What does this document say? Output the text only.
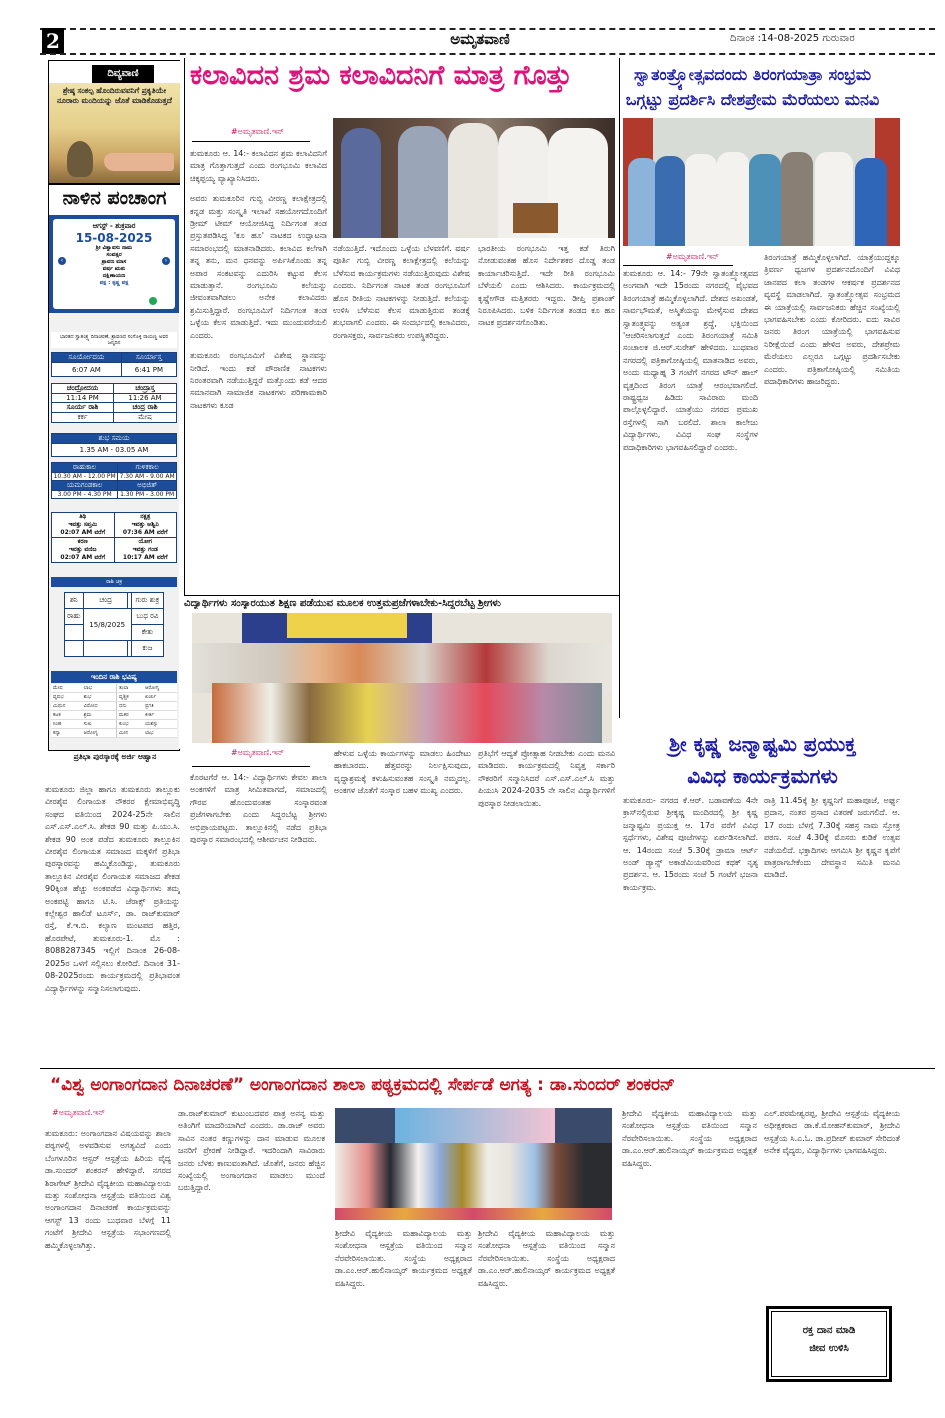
2	ಅಮೃತವಾಣಿ	ದಿನಾಂಕ :14-08-2025 ಗುರುವಾರ
ದಿವ್ಯವಾಣಿ
ಶ್ರೇಷ್ಠ ಸಂಕಲ್ಪ ಹೊಂದಿರುವವನಿಗೆ ಪ್ರಕೃತಿಯೇ ನೂರಾರು ಮಂದಿಯನ್ನು ಜೊತೆ ಮಾಡಿಕೊಡುತ್ತದೆ
ನಾಳಿನ ಪಂಚಾಂಗ
ಆಗಸ್ಟ್ - ಶುಕ್ರವಾರ
15-08-2025
ಶ್ರೀ ವಿಶ್ವಾವಸು ನಾಮ
ಸಂವತ್ಸರ
ಶ್ರಾವಣ ಮಾಸ
ವರ್ಷ ಋತು
ದಕ್ಷಿಣಾಯಣ
ಪಕ್ಷ : ಕೃಷ್ಣ ಪಕ್ಷ
‹	›
ಭಾರತದ ಸ್ವಾತಂತ್ರ್ಯ ದಿನಾಚರಣೆ, ಶ್ರಾವಣದ ಸಂಗೊಳ್ಳಿ ರಾಯಣ್ಣ ಅವರ ಜನ್ಮದಿನ
ಸೂರ್ಯೋದಯ	ಸೂರ್ಯಾಸ್ತ
6:07 AM	6:41 PM
ಚಂದ್ರೋದಯ	ಚಂದ್ರಾಸ್ತ
11:14 PM	11:26 AM
ಸೂರ್ಯ ರಾಶಿ	ಚಂದ್ರ ರಾಶಿ
ಕರ್ಕ	ಮೇಷ
ಶುಭ ಸಮಯ
1.35 AM - 03.05 AM
ರಾಹುಕಾಲ	ಗುಳಿಕಕಾಲ
10.30 AM - 12.00 PM	7.30 AM - 9.00 AM
ಯಮಗಂಡಕಾಲ	ಅಭಿಜಿತ್
3.00 PM - 4.30 PM	1.30 PM - 3.00 PM
ತಿಥಿ
ಇವತ್ತು ಸಪ್ತಮಿ
02:07 AM ವರೆಗೆ	ನಕ್ಷತ್ರ
ಇವತ್ತು ಅಶ್ವಿನಿ
07:36 AM ವರೆಗೆ
ಕರಣ
ಇವತ್ತು ವಣಿಜ
02:07 AM ವರೆಗೆ	ಯೋಗ
ಇವತ್ತು ಗಂಡ
10:17 AM ವರೆಗೆ
ರಾಶಿ ಚಕ್ರ
ಶನಿ	ಚಂದ್ರ		ಗುರು ಶುಕ್ರ
ರಾಹು	15/8/2025		ಬುಧ ರವಿ
			ಕೇತು
			ಕುಜ
ಇಂದಿನ ರಾಶಿ ಭವಿಷ್ಯ
ಮೇಷ	ಲಾಭ	ತುಲಾ	ಆರೋಗ್ಯ
ವೃಷಭ	ಶುಭ	ವೃಶ್ಚಿಕ	ಖರ್ಚು
ಮಿಥುನ	ವಿರೋಧ	ಧನು	ಪ್ರಗತಿ
ಕಟಕ	ಶ್ರಮ	ಮಕರ	ಕೀರ್ತಿ
ಸಿಂಹ	ಸುಖ	ಕುಂಭ	ಯಶಸ್ಸು
ಕನ್ಯಾ	ಆರೋಗ್ಯ	ಮೀನ	ಲಾಭ
ಪ್ರತಿಭಾ ಪುರಸ್ಕಾರಕ್ಕೆ ಅರ್ಜಿ ಆಹ್ವಾನ
ತುಮಕೂರು ಜಿಲ್ಲಾ ಹಾಗೂ ತುಮಕೂರು ತಾಲ್ಲೂಕು ವೀರಶೈವ ಲಿಂಗಾಯತ ನೌಕರರ ಕ್ಷೇಮಾಭಿವೃದ್ಧಿ ಸಂಘದ ವತಿಯಿಂದ 2024-25ನೇ ಸಾಲಿನ ಎಸ್.ಎಸ್.ಎಲ್.ಸಿ. ಶೇಕಡ 90 ಮತ್ತು ಪಿ.ಯು.ಸಿ. ಶೇಕಡ 90 ಅಂಕ ಪಡೆದ ತುಮಕೂರು ತಾಲ್ಲೂಕಿನ ವೀರಶೈವ ಲಿಂಗಾಯತ ಸಮಾಜದ ಮಕ್ಕಳಿಗೆ ಪ್ರತಿಭಾ ಪುರಸ್ಕಾರವನ್ನು ಹಮ್ಮಿಕೊಂಡಿದ್ದು, ತುಮಕೂರು ತಾಲ್ಲೂಕಿನ ವೀರಶೈವ ಲಿಂಗಾಯತ ಸಮಾಜದ ಶೇಕಡ 90ಕ್ಕಿಂತ ಹೆಚ್ಚು ಅಂಕಪಡೆದ ವಿದ್ಯಾರ್ಥಿಗಳು ತಮ್ಮ ಅಂಕಪಟ್ಟಿ ಹಾಗೂ ಟಿ.ಸಿ. ಜೆರಾಕ್ಸ್ ಪ್ರತಿಯನ್ನು ಕಲ್ಲೇಶ್ವರ ಹಾಲಿಡೆ ಟೂರ್ಸ್, ಡಾ. ರಾಜ್‌ಕುಮಾರ್ ರಸ್ತೆ, ಕೆ.ಇ.ಬಿ. ಕಲ್ಯಾಣ ಮಂಟಪದ ಹತ್ತಿರ, ಹೊರಪೇಟೆ, ತುಮಕೂರು-1. ಮೊ : 8088287345 ಇಲ್ಲಿಗೆ ದಿನಾಂಕ 26-08-2025ರ ಒಳಗೆ ಸಲ್ಲಿಸಲು ಕೋರಿದೆ. ದಿನಾಂಕ 31-08-2025ರಂದು ಕಾರ್ಯಕ್ರಮದಲ್ಲಿ ಪ್ರತಿಭಾವಂತ ವಿದ್ಯಾರ್ಥಿಗಳನ್ನು ಸನ್ಮಾನಿಸಲಾಗುವುದು.
ಕಲಾವಿದನ ಶ್ರಮ ಕಲಾವಿದನಿಗೆ ಮಾತ್ರ ಗೊತ್ತು
#ಅಮೃತವಾಣಿ.ಇನ್

ತುಮಕೂರು ಆ. 14:- ಕಲಾವಿದನ ಶ್ರಮ ಕಲಾವಿದನಿಗೆ ಮಾತ್ರ ಗೊತ್ತಾಗುತ್ತದೆ ಎಂದು ರಂಗಭೂಮಿ ಕಲಾವಿದ ಚಿಕ್ಕಪ್ಪಯ್ಯ ವ್ಯಾಖ್ಯಾನಿಸಿದರು.

ಅವರು ತುಮಕೂರಿನ ಗುಬ್ಬಿ ವೀರಣ್ಣ ಕಲಾಕ್ಷೇತ್ರದಲ್ಲಿ ಕನ್ನಡ ಮತ್ತು ಸಂಸ್ಕೃತಿ ಇಲಾಖೆ ಸಹಯೋಗದೊಂದಿಗೆ ಡ್ರೀಮ್ ಟೀಮ್ ಆಯೋಜಿಸಿದ್ದ ನಿರ್ದಿಗಂತ ತಂಡ ಪ್ರಸ್ತುತಪಡಿಸಿದ್ದ 'ಕೂ ಹೂ' ನಾಟಕದ ಉದ್ಘಾಟನಾ ಸಮಾರಂಭದಲ್ಲಿ ಮಾತನಾಡಿದರು. ಕಲಾವಿದ ಕಲೆಗಾಗಿ ತನ್ನ ತನು, ಮನ ಧನವನ್ನು ಅರ್ಪಿಸಿಕೊಂಡು ತನ್ನ ಅಪಾರ ಸಂಕಟವನ್ನು ಎದುರಿಸಿ ಕಟ್ಟುವ ಕೆಲಸ ಮಾಡುತ್ತಾನೆ. ರಂಗಭೂಮಿ ಕಲೆಯನ್ನು ಜೀವಂತವಾಗಿಡಲು ಅನೇಕ ಕಲಾವಿದರು ಶ್ರಮಿಸುತ್ತಿದ್ದಾರೆ. ರಂಗಭೂಮಿಗೆ ನಿರ್ದಿಗಂತ ತಂಡ ಒಳ್ಳೆಯ ಕೆಲಸ ಮಾಡುತ್ತಿದೆ. ಇದು ಮುಂದುವರೆಯಲಿ ಎಂದರು.

ತುಮಕೂರು ರಂಗಭೂಮಿಗೆ ವಿಶೇಷ ಸ್ಥಾನವನ್ನು ನೀಡಿದೆ. ಇಂದು ಕಡೆ ಪೌರಾಣಿಕ ನಾಟಕಗಳು ನಿರಂತರವಾಗಿ ನಡೆಯುತ್ತಿದ್ದರೆ ಮತ್ತೊಂದು ಕಡೆ ಆದರ ಸಮಾನವಾಗಿ ಸಾಮಾಜಿಕ ನಾಟಕಗಳು ಪರಿಣಾಮಕಾರಿ ನಾಟಕಗಳು ಕೂಡ

ನಡೆಯುತ್ತಿದೆ. ಇದೊಂದು ಒಳ್ಳೆಯ ಬೆಳವಣಿಗೆ. ವರ್ಷ ಪೂರ್ತಿ ಗುಬ್ಬಿ ವೀರಣ್ಣ ಕಲಾಕ್ಷೇತ್ರದಲ್ಲಿ ಕಲೆಯನ್ನು ಬೆಳೆಸುವ ಕಾರ್ಯಕ್ರಮಗಳು ನಡೆಯುತ್ತಿರುವುದು ವಿಶೇಷ ಎಂದರು. ನಿರ್ದಿಗಂತ ನಾಟಕ ತಂಡ ರಂಗಭೂಮಿಗೆ ಹೊಸ ರೀತಿಯ ನಾಟಕಗಳನ್ನು ನೀಡುತ್ತಿದೆ. ಕಲೆಯನ್ನು ಉಳಿಸಿ ಬೆಳೆಸುವ ಕೆಲಸ ಮಾಡುತ್ತಿರುವ ತಂಡಕ್ಕೆ ಶುಭವಾಗಲಿ ಎಂದರು. ಈ ಸಂದರ್ಭದಲ್ಲಿ ಕಲಾವಿದರು, ರಂಗಾಸಕ್ತರು, ಸಾರ್ವಜನಿಕರು ಉಪಸ್ಥಿತರಿದ್ದರು.
ಭಾರತೀಯ ರಂಗಭೂಮಿ ಇತ್ತ ಕಡೆ ತಿರುಗಿ ನೋಡುವಂತಹ ಹೊಸ ನಿರ್ದೇಶಕರ ದೊಡ್ಡ ತಂಡ ಕಾರ್ಯಾಚರಿಸುತ್ತಿದೆ. ಇದೇ ರೀತಿ ರಂಗಭೂಮಿ ಬೆಳೆಯಲಿ ಎಂದು ಆಶಿಸಿದರು. ಕಾರ್ಯಕ್ರಮದಲ್ಲಿ ಕೃಷ್ಣೇಗೌಡ ಮತ್ತಿತರರು ಇದ್ದರು. ಡೀಪ್ತಿ ಪ್ರಶಾಂತ್ ನಿರೂಪಿಸಿದರು. ಬಳಿಕ ನಿರ್ದಿಗಂತ ತಂಡದ ಕೂ ಹೂ ನಾಟಕ ಪ್ರದರ್ಶನಗೊಂಡಿತು.
ಸ್ವಾತಂತ್ರ್ಯೋತ್ಸವದಂದು ತಿರಂಗಯಾತ್ರಾ ಸಂಭ್ರಮ
ಒಗ್ಗಟ್ಟು ಪ್ರದರ್ಶಿಸಿ ದೇಶಪ್ರೇಮ ಮೆರೆಯಲು ಮನವಿ
#ಅಮೃತವಾಣಿ.ಇನ್
ತುಮಕೂರು ಆ. 14:- 79ನೇ ಸ್ವಾತಂತ್ರ್ಯೋತ್ಸವದ ಅಂಗವಾಗಿ ಇದೇ 15ರಂದು ನಗರದಲ್ಲಿ ವೈಭವದ ತಿರಂಗಯಾತ್ರೆ ಹಮ್ಮಿಕೊಳ್ಳಲಾಗಿದೆ. ದೇಶದ ಅಖಂಡತೆ, ಸಾರ್ವಭೌಮತೆ, ಅಸ್ಮಿತೆಯನ್ನು ಮೇಳೈಸುವ ದೇಶದ ಸ್ವಾತಂತ್ರ್ಯವನ್ನು ಅತ್ಯಂತ ಶ್ರದ್ಧೆ, ಭಕ್ತಿಯಿಂದ 'ಆಚರಿಸಲಾಗುತ್ತದೆ ಎಂದು ತಿರಂಗಯಾತ್ರೆ ಸಮಿತಿ ಸಂಚಾಲಕ ಜಿ.ಆರ್.ಸುರೇಶ್ ಹೇಳಿದರು. ಬುಧವಾರ ನಗರದಲ್ಲಿ ಪತ್ರಿಕಾಗೋಷ್ಠಿಯಲ್ಲಿ ಮಾತನಾಡಿದ ಅವರು, ಅಂದು ಮಧ್ಯಾಹ್ನ 3 ಗಂಟೆಗೆ ನಗರದ ಟೌನ್ ಹಾಲ್ ವೃತ್ತದಿಂದ ತಿರಂಗ ಯಾತ್ರೆ ಆರಂಭವಾಗಲಿದೆ. ರಾಷ್ಟ್ರಧ್ವಜ ಹಿಡಿದು ಸಾವಿರಾರು ಮಂದಿ ಪಾಲ್ಗೊಳ್ಳಲಿದ್ದಾರೆ. ಯಾತ್ರೆಯು ನಗರದ ಪ್ರಮುಖ ರಸ್ತೆಗಳಲ್ಲಿ ಸಾಗಿ ಬರಲಿದೆ. ಶಾಲಾ ಕಾಲೇಜು ವಿದ್ಯಾರ್ಥಿಗಳು, ವಿವಿಧ ಸಂಘ ಸಂಸ್ಥೆಗಳ ಪದಾಧಿಕಾರಿಗಳು ಭಾಗವಹಿಸಲಿದ್ದಾರೆ ಎಂದರು.
ತಿರಂಗಯಾತ್ರೆ ಹಮ್ಮಿಕೊಳ್ಳಲಾಗಿದೆ. ಯಾತ್ರೆಯುದ್ದಕ್ಕೂ ತ್ರಿವರ್ಣ ಧ್ವಜಗಳ ಪ್ರದರ್ಶನದೊಂದಿಗೆ ವಿವಿಧ ಜಾನಪದ ಕಲಾ ತಂಡಗಳ ಆಕರ್ಷಕ ಪ್ರದರ್ಶನದ ವ್ಯವಸ್ಥೆ ಮಾಡಲಾಗಿದೆ. ಸ್ವಾತಂತ್ರ್ಯೋತ್ಸವ ಸಂಭ್ರಮದ ಈ ಯಾತ್ರೆಯಲ್ಲಿ ಸಾರ್ವಜನಿಕರು ಹೆಚ್ಚಿನ ಸಂಖ್ಯೆಯಲ್ಲಿ ಭಾಗವಹಿಸಬೇಕು ಎಂದು ಕೋರಿದರು. ಐದು ಸಾವಿರ ಜನರು ತಿರಂಗ ಯಾತ್ರೆಯಲ್ಲಿ ಭಾಗವಹಿಸುವ ನಿರೀಕ್ಷೆಯಿದೆ ಎಂದು ಹೇಳಿದ ಅವರು, ದೇಶಪ್ರೇಮ ಮೆರೆಯಲು ಎಲ್ಲರೂ ಒಗ್ಗಟ್ಟು ಪ್ರದರ್ಶಿಸಬೇಕು ಎಂದರು. ಪತ್ರಿಕಾಗೋಷ್ಠಿಯಲ್ಲಿ ಸಮಿತಿಯ ಪದಾಧಿಕಾರಿಗಳು ಹಾಜರಿದ್ದರು.
ವಿದ್ಯಾರ್ಥಿಗಳು ಸಂಸ್ಕಾರಯುತ ಶಿಕ್ಷಣ ಪಡೆಯುವ ಮೂಲಕ ಉತ್ತಮಪ್ರಜೆಗಳಾಬೇಕು-ಸಿದ್ದರಬೆಟ್ಟ ಶ್ರೀಗಳು
#ಅಮೃತವಾಣಿ.ಇನ್
ಕೊರಟಗೆರೆ ಆ. 14:- ವಿದ್ಯಾರ್ಥಿಗಳು ಕೇವಲ ಶಾಲಾ ಅಂಕಗಳಿಗೆ ಮಾತ್ರ ಸೀಮಿತವಾಗದೆ, ಸಮಾಜದಲ್ಲಿ ಗೌರವ ಹೊಂದುವಂತಹ ಸಂಸ್ಕಾರವಂತ ಪ್ರಜೆಗಳಾಗಬೇಕು ಎಂದು ಸಿದ್ದರಬೆಟ್ಟ ಶ್ರೀಗಳು ಅಭಿಪ್ರಾಯಪಟ್ಟರು. ತಾಲ್ಲೂಕಿನಲ್ಲಿ ನಡೆದ ಪ್ರತಿಭಾ ಪುರಸ್ಕಾರ ಸಮಾರಂಭದಲ್ಲಿ ಆಶೀರ್ವಚನ ನೀಡಿದರು.
ಹೇಳುವ ಒಳ್ಳೆಯ ಕಾರ್ಯಗಳನ್ನು ಮಾಡಲು ಹಿಂದೇಟು ಹಾಕಬಾರದು. ಹೆತ್ತವರನ್ನು ನಿರ್ಲಕ್ಷಿಸುವುದು, ವೃದ್ಧಾಶ್ರಮಕ್ಕೆ ಕಳುಹಿಸುವಂತಹ ಸಂಸ್ಕೃತಿ ನಮ್ಮದಲ್ಲ. ಅಂಕಗಳ ಜೊತೆಗೆ ಸಂಸ್ಕಾರ ಬಹಳ ಮುಖ್ಯ ಎಂದರು.
ಪ್ರತಿಭೆಗೆ ಆದ್ಯತೆ ಪ್ರೋತ್ಸಾಹ ನೀಡಬೇಕು ಎಂದು ಮನವಿ ಮಾಡಿದರು. ಕಾರ್ಯಕ್ರಮದಲ್ಲಿ ನಿವೃತ್ತ ಸರ್ಕಾರಿ ನೌಕರರಿಗೆ ಸನ್ಮಾನಿಸಿದರೆ ಎಸ್.ಎಸ್.ಎಲ್.ಸಿ ಮತ್ತು ಪಿಯುಸಿ 2024-2035 ನೇ ಸಾಲಿನ ವಿದ್ಯಾರ್ಥಿಗಳಿಗೆ ಪುರಸ್ಕಾರ ನೀಡಲಾಯಿತು.
ಶ್ರೀ ಕೃಷ್ಣ ಜನ್ಮಾಷ್ಟಮಿ ಪ್ರಯುಕ್ತ
ವಿವಿಧ ಕಾರ್ಯಕ್ರಮಗಳು
ತುಮಕೂರು- ನಗರದ ಕೆ.ಆರ್. ಬಡಾವಣೆಯ 4ನೇ ಕ್ರಾಸ್‌ನಲ್ಲಿರುವ ಶ್ರೀಕೃಷ್ಣ ಮಂದಿರದಲ್ಲಿ ಶ್ರೀ ಕೃಷ್ಣ ಜನ್ಮಾಷ್ಟಮಿ ಪ್ರಯುಕ್ತ ಆ. 17ರ ವರೆಗೆ ವಿವಿಧ ಸ್ಪರ್ಧೆಗಳು, ವಿಶೇಷ ಪೂಜೆಗಳನ್ನು ಏರ್ಪಡಿಸಲಾಗಿದೆ. ಆ. 14ರಂದು ಸಂಜೆ 5.30ಕ್ಕೆ ಡ್ರಾಮಾ ಆರ್ಟ್ ಅಂಡ್ ಡ್ಯಾನ್ಸ್ ಅಕಾಡೆಮಿಯವರಿಂದ ಕಥಕ್ ನೃತ್ಯ ಪ್ರದರ್ಶನ. ಆ. 15ರಂದು ಸಂಜೆ 5 ಗಂಟೆಗೆ ಭಜನಾ ಕಾರ್ಯಕ್ರಮ.
ರಾತ್ರಿ 11.45ಕ್ಕೆ ಶ್ರೀ ಕೃಷ್ಣನಿಗೆ ಮಹಾಪೂಜೆ, ಅರ್ಘ್ಯ ಪ್ರದಾನ, ನಂತರ ಪ್ರಸಾದ ವಿತರಣೆ ಜರುಗಲಿದೆ. ಆ. 17 ರಂದು ಬೆಳಗ್ಗೆ 7.30ಕ್ಕೆ ಸಹಸ್ರ ನಾಮ ಸ್ತೋತ್ರ ಪಠಣ. ಸಂಜೆ 4.30ಕ್ಕೆ ಮೊಸರು ಕುಡಿಕೆ ಉತ್ಸವ ನಡೆಯಲಿದೆ. ಭಕ್ತಾದಿಗಳು ಆಗಮಿಸಿ ಶ್ರೀ ಕೃಷ್ಣನ ಕೃಪೆಗೆ ಪಾತ್ರರಾಗಬೇಕೆಂದು ದೇವಸ್ಥಾನ ಸಮಿತಿ ಮನವಿ ಮಾಡಿದೆ.
“ವಿಶ್ವ ಅಂಗಾಂಗದಾನ ದಿನಾಚರಣೆ” ಅಂಗಾಂಗದಾನ ಶಾಲಾ ಪಠ್ಯಕ್ರಮದಲ್ಲಿ ಸೇರ್ಪಡೆ ಅಗತ್ಯ : ಡಾ.ಸುಂದರ್ ಶಂಕರನ್
#ಅಮೃತವಾಣಿ.ಇನ್
ತುಮಕೂರು: ಅಂಗಾಂಗದಾನ ವಿಷಯವನ್ನು ಶಾಲಾ ಪಠ್ಯಗಳಲ್ಲಿ ಅಳವಡಿಸುವ ಅಗತ್ಯವಿದೆ ಎಂದು ಬೆಂಗಳೂರಿನ ಆಸ್ಟರ್ ಆಸ್ಪತ್ರೆಯ ಹಿರಿಯ ವೈದ್ಯ ಡಾ.ಸುಂದರ್ ಶಂಕರನ್ ಹೇಳಿದ್ದಾರೆ. ನಗರದ ಶಿರಾಗೇಟ್ ಶ್ರೀದೇವಿ ವೈದ್ಯಕೀಯ ಮಹಾವಿದ್ಯಾಲಯ ಮತ್ತು ಸಂಶೋಧನಾ ಆಸ್ಪತ್ರೆಯ ವತಿಯಿಂದ ವಿಶ್ವ ಅಂಗಾಂಗದಾನ ದಿನಾಚರಣೆ ಕಾರ್ಯಕ್ರಮವನ್ನು ಆಗಸ್ಟ್ 13 ರಂದು ಬುಧವಾರ ಬೆಳಗ್ಗೆ 11 ಗಂಟೆಗೆ ಶ್ರೀದೇವಿ ಆಸ್ಪತ್ರೆಯ ಸಭಾಂಗಣದಲ್ಲಿ ಹಮ್ಮಿಕೊಳ್ಳಲಾಗಿತ್ತು.
ಡಾ.ರಾಜ್‌ಕುಮಾರ್ ಕುಟುಂಬದವರ ಪಾತ್ರ ಅನನ್ಯ ಮತ್ತು ಅತಿಂಗಿಗೆ ಮಾದರಿಯಾಗಿದೆ ಎಂದರು. ಡಾ.ರಾಜ್ ಅವರು ಸಾವಿನ ನಂತರ ಕಣ್ಣುಗಳನ್ನು ದಾನ ಮಾಡುವ ಮೂಲಕ ಜನರಿಗೆ ಪ್ರೇರಣೆ ನೀಡಿದ್ದಾರೆ. ಇದರಿಂದಾಗಿ ಸಾವಿರಾರು ಜನರು ಬೆಳಕು ಕಾಣುವಂತಾಗಿದೆ. ಜೊತೆಗೆ, ಜನರು ಹೆಚ್ಚಿನ ಸಂಖ್ಯೆಯಲ್ಲಿ ಅಂಗಾಂಗದಾನ ಮಾಡಲು ಮುಂದೆ ಬರುತ್ತಿದ್ದಾರೆ.
ಶ್ರೀದೇವಿ ವೈದ್ಯಕೀಯ ಮಹಾವಿದ್ಯಾಲಯ ಮತ್ತು ಸಂಶೋಧನಾ ಆಸ್ಪತ್ರೆಯ ವತಿಯಿಂದ ಸನ್ಮಾನ ನೆರವೇರಿಸಲಾಯಿತು. ಸಂಸ್ಥೆಯ ಅಧ್ಯಕ್ಷರಾದ ಡಾ.ಎಂ.ಆರ್.ಹುಲಿನಾಯ್ಕರ್ ಕಾರ್ಯಕ್ರಮದ ಅಧ್ಯಕ್ಷತೆ ವಹಿಸಿದ್ದರು.
ಶ್ರೀದೇವಿ ವೈದ್ಯಕೀಯ ಮಹಾವಿದ್ಯಾಲಯ ಮತ್ತು ಸಂಶೋಧನಾ ಆಸ್ಪತ್ರೆಯ ವತಿಯಿಂದ ಸನ್ಮಾನ ನೆರವೇರಿಸಲಾಯಿತು. ಸಂಸ್ಥೆಯ ಅಧ್ಯಕ್ಷರಾದ ಡಾ.ಎಂ.ಆರ್.ಹುಲಿನಾಯ್ಕರ್ ಕಾರ್ಯಕ್ರಮದ ಅಧ್ಯಕ್ಷತೆ ವಹಿಸಿದ್ದರು.
ಶ್ರೀದೇವಿ ವೈದ್ಯಕೀಯ ಮಹಾವಿದ್ಯಾಲಯ ಮತ್ತು ಸಂಶೋಧನಾ ಆಸ್ಪತ್ರೆಯ ವತಿಯಿಂದ ಸನ್ಮಾನ ನೆರವೇರಿಸಲಾಯಿತು. ಸಂಸ್ಥೆಯ ಅಧ್ಯಕ್ಷರಾದ ಡಾ.ಎಂ.ಆರ್.ಹುಲಿನಾಯ್ಕರ್ ಕಾರ್ಯಕ್ರಮದ ಅಧ್ಯಕ್ಷತೆ ವಹಿಸಿದ್ದರು.
ಎಲ್.ಪರಮೇಶ್ವರಪ್ಪ, ಶ್ರೀದೇವಿ ಆಸ್ಪತ್ರೆಯ ವೈದ್ಯಕೀಯ ಅಧೀಕ್ಷಕರಾದ ಡಾ.ಕೆ.ಮೋಹನ್‌ಕುಮಾರ್, ಶ್ರೀದೇವಿ ಆಸ್ಪತ್ರೆಯ ಸಿ.ಎ.ಓ. ಡಾ.ಪ್ರದೀಪ್ ಕುಮಾರ್ ಸೇರಿದಂತೆ ಅನೇಕ ವೈದ್ಯರು, ವಿದ್ಯಾರ್ಥಿಗಳು ಭಾಗವಹಿಸಿದ್ದರು.
ರಕ್ತ ದಾನ ಮಾಡಿ
ಜೀವ ಉಳಿಸಿ
